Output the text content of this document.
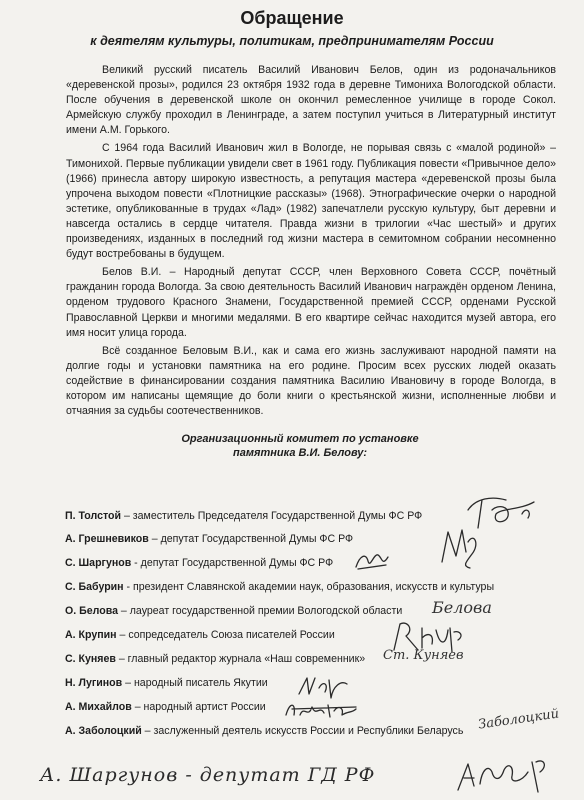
Обращение
к деятелям культуры, политикам, предпринимателям России

Великий русский писатель Василий Иванович Белов, один из родоначальников «деревенской прозы», родился 23 октября 1932 года в деревне Тимониха Вологодской области. После обучения в деревенской школе он окончил ремесленное училище в городе Сокол. Армейскую службу проходил в Ленинграде, а затем поступил учиться в Литературный институт имени А.М. Горького.

С 1964 года Василий Иванович жил в Вологде, не порывая связь с «малой родиной» – Тимонихой. Первые публикации увидели свет в 1961 году. Публикация повести «Привычное дело» (1966) принесла автору широкую известность, а репутация мастера «деревенской прозы была упрочена выходом повести «Плотницкие рассказы» (1968). Этнографические очерки о народной эстетике, опубликованные в трудах «Лад» (1982) запечатлели русскую культуру, быт деревни и навсегда остались в сердце читателя. Правда жизни в трилогии «Час шестый» и других произведениях, изданных в последний год жизни мастера в семитомном собрании несомненно будут востребованы в будущем.

Белов В.И. – Народный депутат СССР, член Верховного Совета СССР, почётный гражданин города Вологда. За свою деятельность Василий Иванович награждён орденом Ленина, орденом трудового Красного Знамени, Государственной премией СССР, орденами Русской Православной Церкви и многими медалями. В его квартире сейчас находится музей автора, его имя носит улица города.

Всё созданное Беловым В.И., как и сама его жизнь заслуживают народной памяти на долгие годы и установки памятника на его родине. Просим всех русских людей оказать содействие в финансировании создания памятника Василию Ивановичу в городе Вологда, в котором им написаны щемящие до боли книги о крестьянской жизни, исполненные любви и отчаяния за судьбы соотечественников.

Организационный комитет по установке
памятника В.И. Белову:
П. Толстой – заместитель Председателя Государственной Думы ФС РФ
А. Грешневиков – депутат Государственной Думы ФС РФ
С. Шаргунов - депутат Государственной Думы ФС РФ
С. Бабурин - президент Славянской академии наук, образования, искусств и культуры
О. Белова – лауреат государственной премии Вологодской области
А. Крупин – сопредседатель Союза писателей России
С. Куняев – главный редактор журнала «Наш современник»
Н. Лугинов – народный писатель Якутии
А. Михайлов – народный артист России
А. Заболоцкий – заслуженный деятель искусств России и Республики Беларусь
Белова
Ст. Куняев
Заболоцкий
А. Шаргунов - депутат ГД РФ
